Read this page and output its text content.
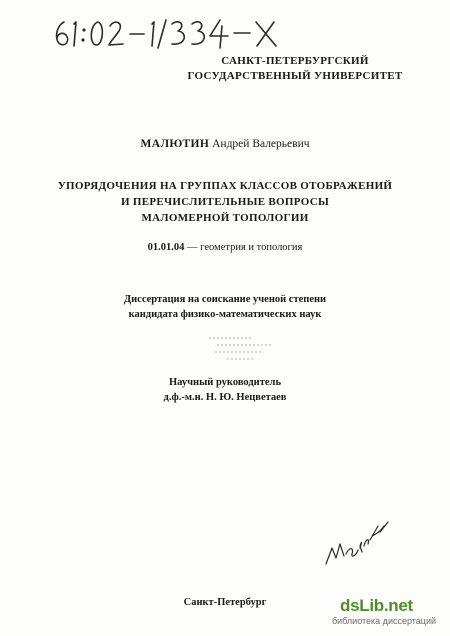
САНКТ-ПЕТЕРБУРГСКИЙ
ГОСУДАРСТВЕННЫЙ УНИВЕРСИТЕТ
МАЛЮТИН Андрей Валерьевич
УПОРЯДОЧЕНИЯ НА ГРУППАХ КЛАССОВ ОТОБРАЖЕНИЙ
И ПЕРЕЧИСЛИТЕЛЬНЫЕ ВОПРОСЫ
МАЛОМЕРНОЙ ТОПОЛОГИИ
01.01.04 — геометрия и топология
Диссертация на соискание ученой степени
кандидата физико-математических наук
Научный руководитель
д.ф.-м.н. Н. Ю. Нецветаев
Санкт-Петербург	dsLib.net
библиотека диссертаций
